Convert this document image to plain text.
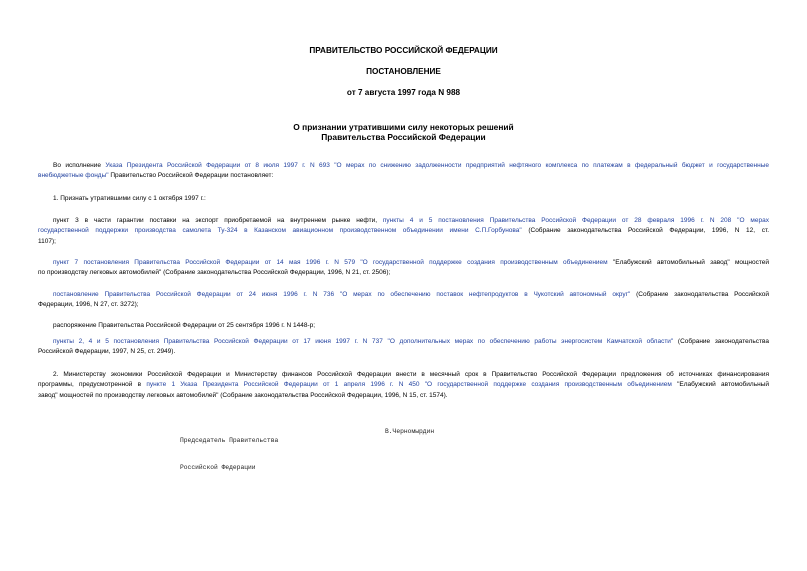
ПРАВИТЕЛЬСТВО РОССИЙСКОЙ ФЕДЕРАЦИИ
ПОСТАНОВЛЕНИЕ
от 7 августа 1997 года N 988
О признании утратившими силу некоторых решений
Правительства Российской Федерации
Во исполнение Указа Президента Российской Федерации от 8 июля 1997 г. N 693 "О мерах по снижению задолженности предприятий нефтяного комплекса по платежам в федеральный бюджет и государственные
внебюджетные фонды" Правительство Российской Федерации постановляет:
1. Признать утратившими силу с 1 октября 1997 г.:
пункт 3 в части гарантии поставки на экспорт приобретаемой на внутреннем рынке нефти, пункты 4 и 5 постановления Правительства Российской Федерации от 28 февраля 1996 г. N 208 "О мерах
государственной поддержки производства самолета Ту-324 в Казанском авиационном производственном объединении имени С.П.Горбунова" (Собрание законодательства Российской Федерации, 1996, N 12, ст.
1107);
пункт 7 постановления Правительства Российской Федерации от 14 мая 1996 г. N 579 "О государственной поддержке создания производственным объединением "Елабужский автомобильный завод" мощностей
по производству легковых автомобилей" (Собрание законодательства Российской Федерации, 1996, N 21, ст. 2506);
постановление Правительства Российской Федерации от 24 июня 1996 г. N 736 "О мерах по обеспечению поставок нефтепродуктов в Чукотский автономный округ" (Собрание законодательства Российской
Федерации, 1996, N 27, ст. 3272);
распоряжение Правительства Российской Федерации от 25 сентября 1996 г. N 1448-р;
пункты 2, 4 и 5 постановления Правительства Российской Федерации от 17 июня 1997 г. N 737 "О дополнительных мерах по обеспечению работы энергосистем Камчатской области" (Собрание законодательства
Российской Федерации, 1997, N 25, ст. 2949).
2. Министерству экономики Российской Федерации и Министерству финансов Российской Федерации внести в месячный срок в Правительство Российской Федерации предложения об источниках финансирования
программы, предусмотренной в пункте 1 Указа Президента Российской Федерации от 1 апреля 1996 г. N 450 "О государственной поддержке создания производственным объединением "Елабужский автомобильный
завод" мощностей по производству легковых автомобилей" (Собрание законодательства Российской Федерации, 1996, N 15, ст. 1574).

Председатель Правительства

Российской Федерации

В.Черномырдин
